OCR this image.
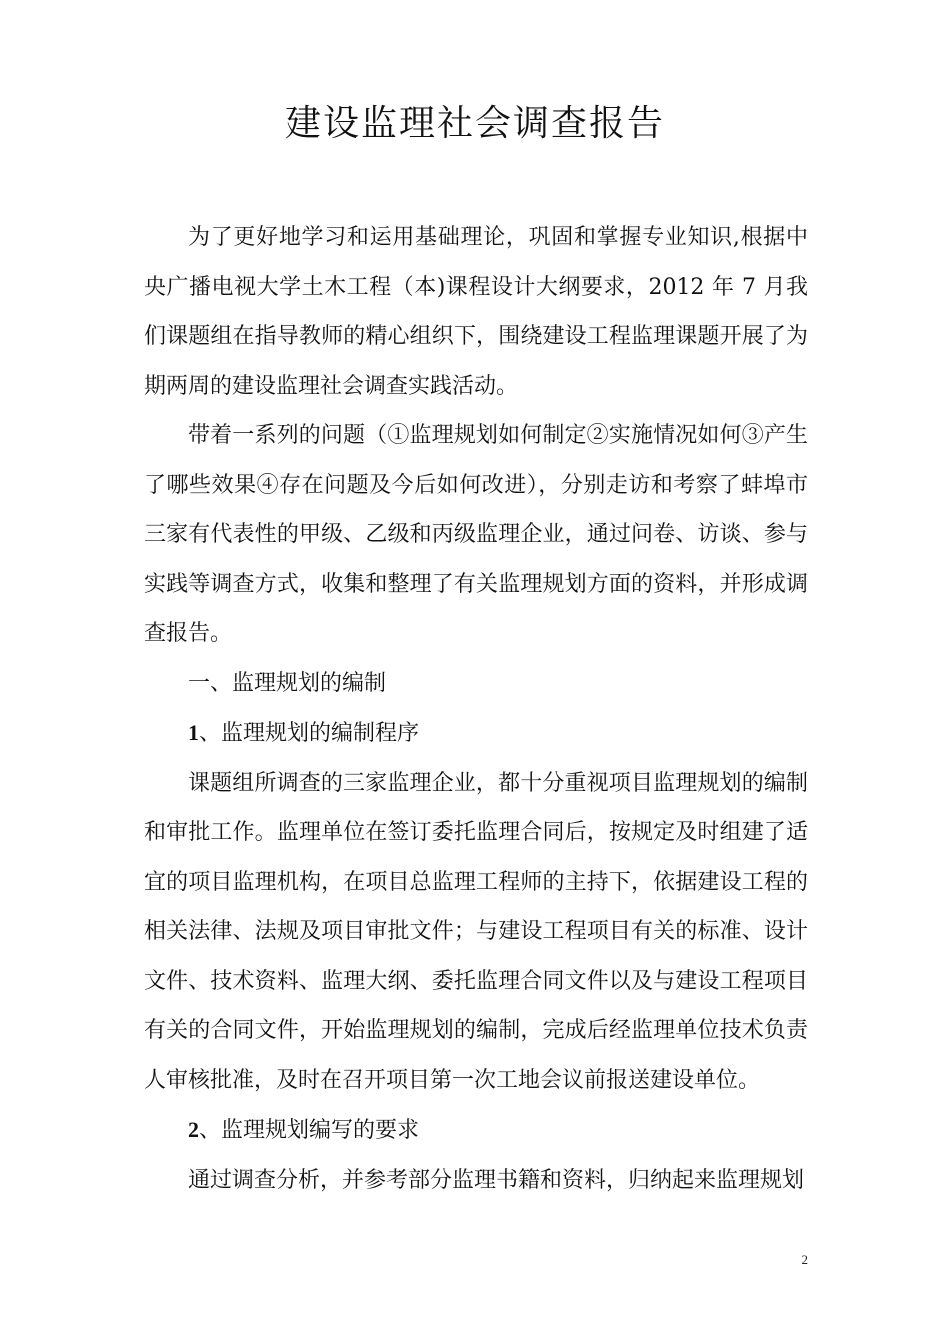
建设监理社会调查报告

为了更好地学习和运用基础理论，巩固和掌握专业知识,根据中央广播电视大学土木工程（本)课程设计大纲要求，2012 年 7 月我们课题组在指导教师的精心组织下，围绕建设工程监理课题开展了为期两周的建设监理社会调查实践活动。

带着一系列的问题（①监理规划如何制定②实施情况如何③产生了哪些效果④存在问题及今后如何改进），分别走访和考察了蚌埠市三家有代表性的甲级、乙级和丙级监理企业，通过问卷、访谈、参与实践等调查方式，收集和整理了有关监理规划方面的资料，并形成调查报告。

一、监理规划的编制

1、监理规划的编制程序

课题组所调查的三家监理企业，都十分重视项目监理规划的编制和审批工作。监理单位在签订委托监理合同后，按规定及时组建了适宜的项目监理机构，在项目总监理工程师的主持下，依据建设工程的相关法律、法规及项目审批文件；与建设工程项目有关的标准、设计文件、技术资料、监理大纲、委托监理合同文件以及与建设工程项目有关的合同文件，开始监理规划的编制，完成后经监理单位技术负责人审核批准，及时在召开项目第一次工地会议前报送建设单位。

2、监理规划编写的要求

通过调查分析，并参考部分监理书籍和资料，归纳起来监理规划

2
